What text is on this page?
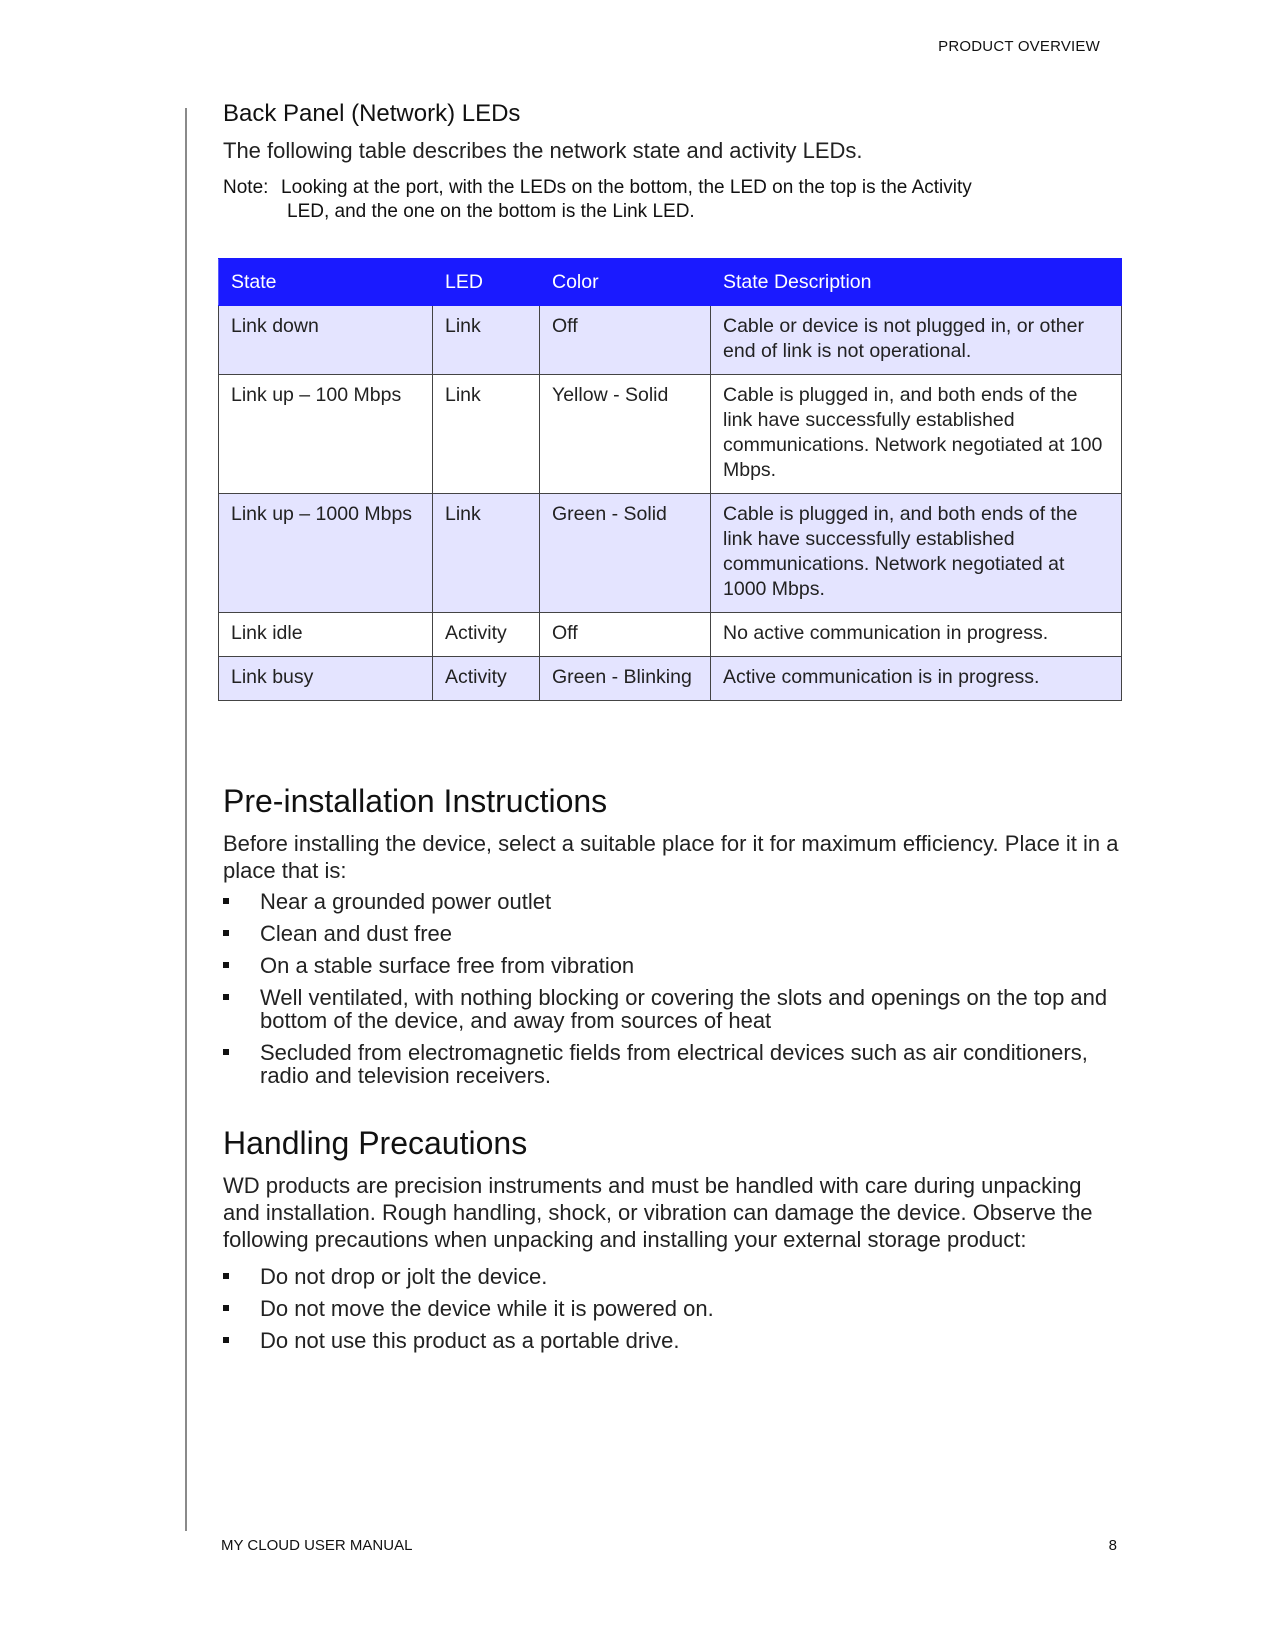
PRODUCT OVERVIEW
Back Panel (Network) LEDs

The following table describes the network state and activity LEDs.

Note: Looking at the port, with the LEDs on the bottom, the LED on the top is the Activity
LED, and the one on the bottom is the Link LED.
State	LED	Color	State Description
Link down	Link	Off	Cable or device is not plugged in, or other end of link is not operational.
Link up – 100 Mbps	Link	Yellow - Solid	Cable is plugged in, and both ends of the link have successfully established communications. Network negotiated at 100 Mbps.
Link up – 1000 Mbps	Link	Green - Solid	Cable is plugged in, and both ends of the link have successfully established communications. Network negotiated at 1000 Mbps.
Link idle	Activity	Off	No active communication in progress.
Link busy	Activity	Green - Blinking	Active communication is in progress.
Pre-installation Instructions

Before installing the device, select a suitable place for it for maximum efficiency. Place it in a place that is:

Near a grounded power outlet
Clean and dust free
On a stable surface free from vibration
Well ventilated, with nothing blocking or covering the slots and openings on the top and bottom of the device, and away from sources of heat
Secluded from electromagnetic fields from electrical devices such as air conditioners, radio and television receivers.
Handling Precautions

WD products are precision instruments and must be handled with care during unpacking and installation. Rough handling, shock, or vibration can damage the device. Observe the following precautions when unpacking and installing your external storage product:

Do not drop or jolt the device.
Do not move the device while it is powered on.
Do not use this product as a portable drive.
MY CLOUD USER MANUAL	8
